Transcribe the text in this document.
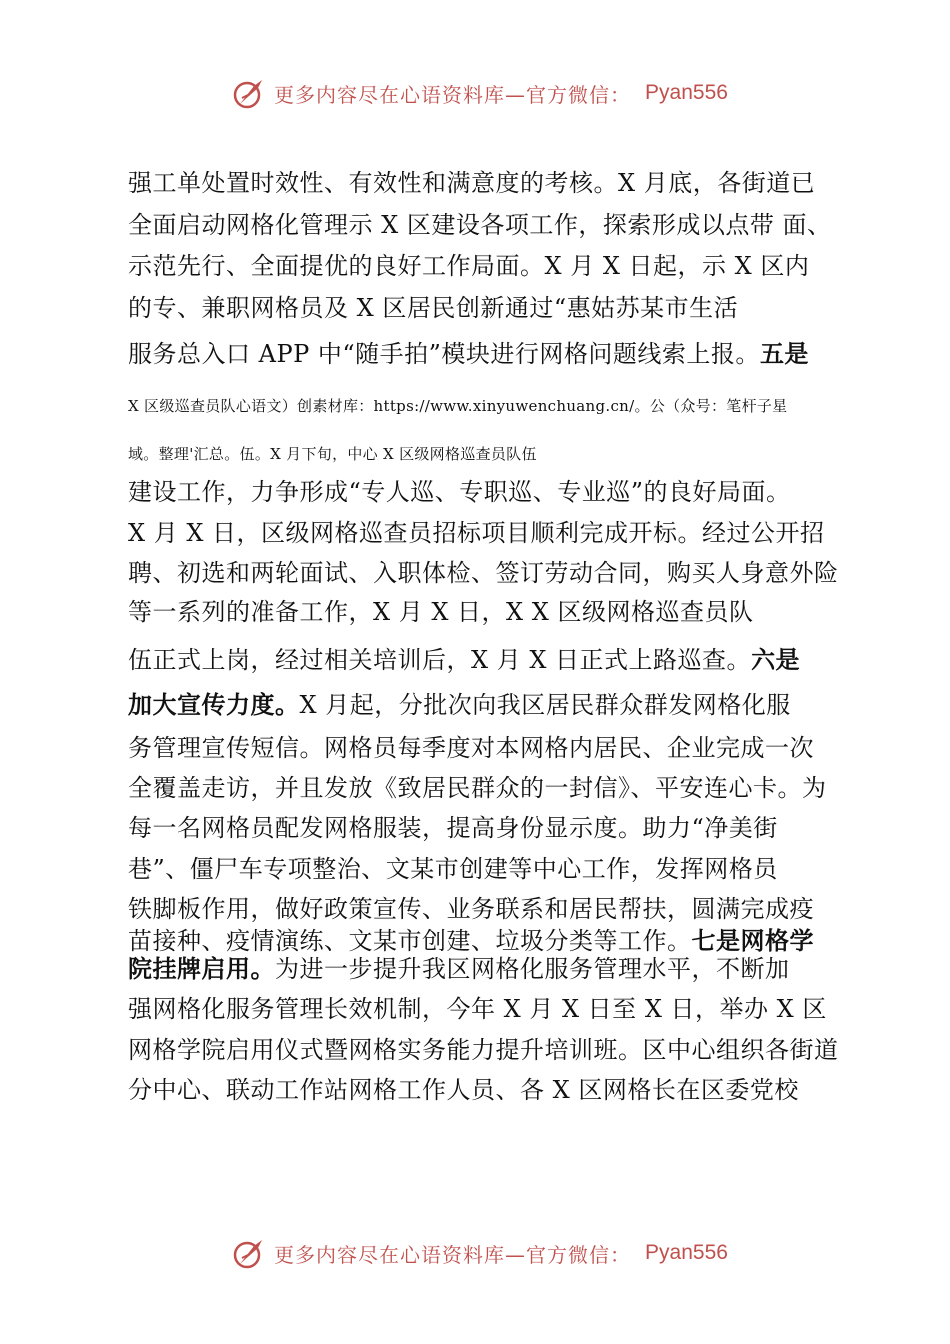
更多内容尽在心语资料库—官方微信： Pyan556
强工单处置时效性、有效性和满意度的考核。X 月底，各街道已
全面启动网格化管理示 X 区建设各项工作，探索形成以点带 面、
示范先行、全面提优的良好工作局面。X 月 X 日起，示 X 区内
的专、兼职网格员及 X 区居民创新通过“惠姑苏某市生活
服务总入口 APP 中“随手拍”模块进行网格问题线索上报。五是
X 区级巡查员队心语文）创素材库：https://www.xinyuwenchuang.cn/。公（众号：笔杆子星
域。整理'汇总。伍。X 月下旬，中心 X 区级网格巡查员队伍
建设工作，力争形成“专人巡、专职巡、专业巡”的良好局面。
X 月 X 日，区级网格巡查员招标项目顺利完成开标。经过公开招
聘、初选和两轮面试、入职体检、签订劳动合同，购买人身意外险
等一系列的准备工作，X 月 X 日，X X 区级网格巡查员队
伍正式上岗，经过相关培训后，X 月 X 日正式上路巡查。六是
加大宣传力度。X 月起，分批次向我区居民群众群发网格化服
务管理宣传短信。网格员每季度对本网格内居民、企业完成一次
全覆盖走访，并且发放《致居民群众的一封信》、平安连心卡。为
每一名网格员配发网格服装，提高身份显示度。助力“净美街
巷”、僵尸车专项整治、文某市创建等中心工作，发挥网格员
铁脚板作用，做好政策宣传、业务联系和居民帮扶，圆满完成疫
苗接种、疫情演练、文某市创建、垃圾分类等工作。七是网格学
院挂牌启用。为进一步提升我区网格化服务管理水平，不断加
强网格化服务管理长效机制，今年 X 月 X 日至 X 日，举办 X 区
网格学院启用仪式暨网格实务能力提升培训班。区中心组织各街道
分中心、联动工作站网格工作人员、各 X 区网格长在区委党校
更多内容尽在心语资料库—官方微信： Pyan556
